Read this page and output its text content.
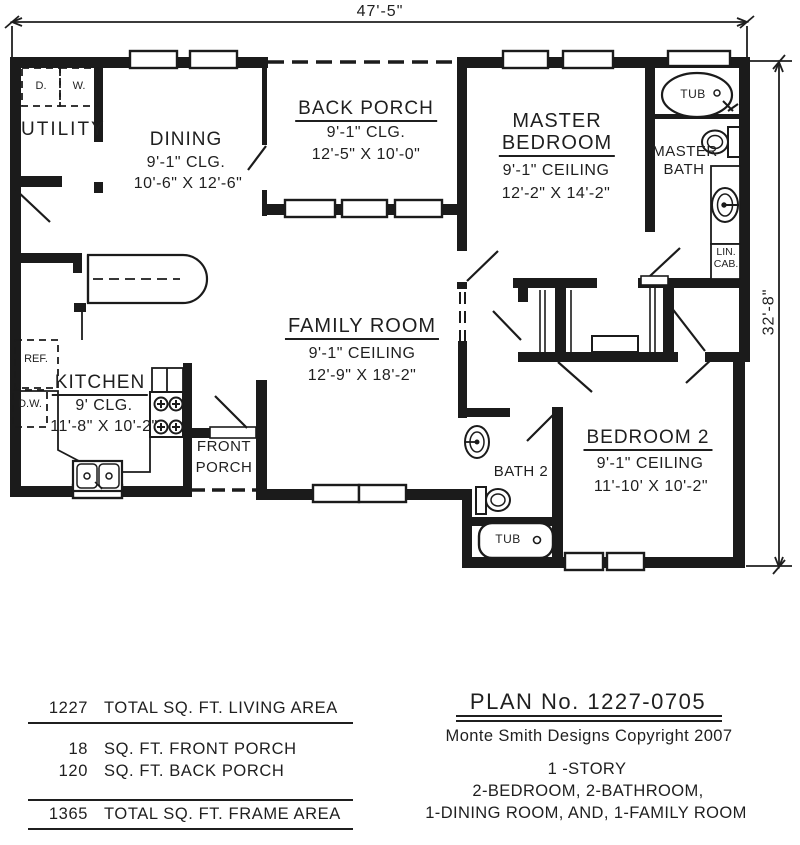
47'-5"
32'-8"
UTILITY
D. W.
DINING
9'-1" CLG.
10'-6" X 12'-6"
BACK PORCH
9'-1" CLG.
12'-5" X 10'-0"
MASTER
BEDROOM
9'-1" CEILING
12'-2" X 14'-2"
MASTER
BATH
TUB
LIN.
CAB.
FAMILY ROOM
9'-1" CEILING
12'-9" X 18'-2"
KITCHEN
9' CLG.
11'-8" X 10'-2"
REF.
D.W.
FRONT
PORCH	BATH 2
TUB
BEDROOM 2
9'-1" CEILING
11'-10' X 10'-2"
1227 TOTAL SQ. FT. LIVING AREA
18 SQ. FT. FRONT PORCH
120 SQ. FT. BACK PORCH
1365 TOTAL SQ. FT. FRAME AREA
PLAN No. 1227-0705
Monte Smith Designs Copyright 2007
1 -STORY
2-BEDROOM, 2-BATHROOM,
1-DINING ROOM, AND, 1-FAMILY ROOM
